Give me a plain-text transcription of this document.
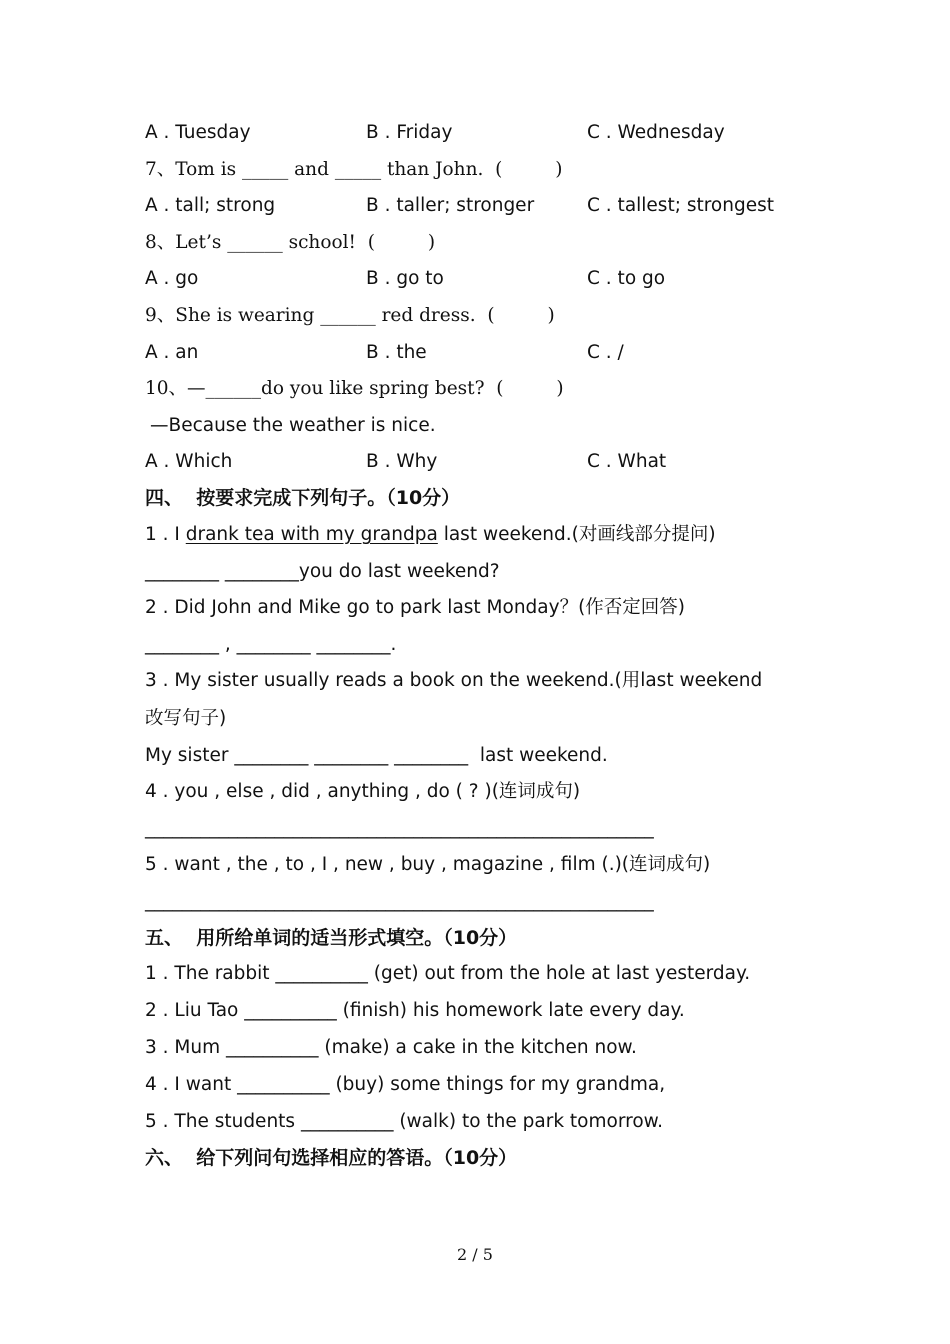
A . Tuesday	B . Friday	C . Wednesday
7、Tom is _____ and _____ than John.  (         )
A . tall; strong	B . taller; stronger	C . tallest; strongest
8、Let’s ______ school!  (         )
A . go	B . go to	C . to go
9、She is wearing ______ red dress.  (         )
A . an	B . the	C . /
10、—______do you like spring best?  (         )
—Because the weather is nice.
A . Which	B . Why	C . What
四、  按要求完成下列句子。（10分）
1 . I drank tea with my grandpa last weekend.(对画线部分提问)
________ ________you do last weekend?
2 . Did John and Mike go to park last Monday？(作否定回答)
________ , ________ ________.
3 . My sister usually reads a book on the weekend.(用last weekend
改写句子)
My sister ________ ________ ________  last weekend.
4 . you , else , did , anything , do ( ? )(连词成句)
_______________________________________________________
5 . want , the , to , I , new , buy , magazine , film (.)(连词成句)
_______________________________________________________
五、  用所给单词的适当形式填空。（10分）
1 . The rabbit __________ (get) out from the hole at last yesterday.
2 . Liu Tao __________ (finish) his homework late every day.
3 . Mum __________ (make) a cake in the kitchen now.
4 . I want __________ (buy) some things for my grandma,
5 . The students __________ (walk) to the park tomorrow.
六、  给下列问句选择相应的答语。（10分）
2 / 5
